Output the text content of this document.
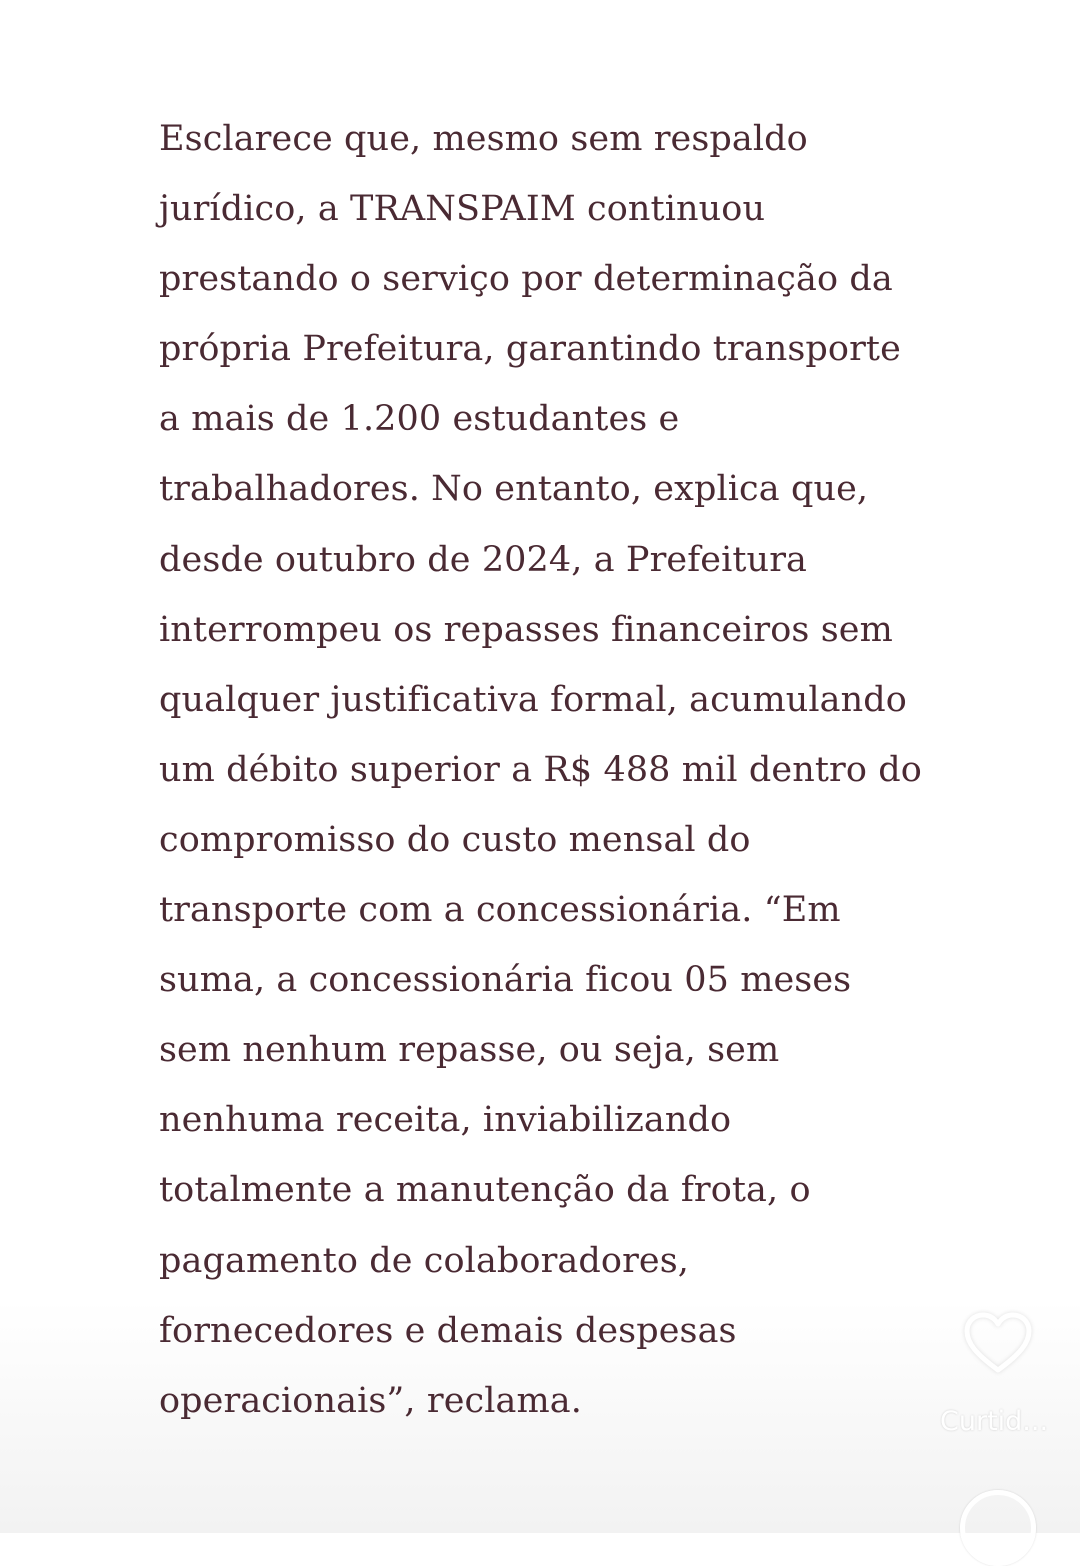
Esclarece que, mesmo sem respaldo
jurídico, a TRANSPAIM continuou
prestando o serviço por determinação da
própria Prefeitura, garantindo transporte
a mais de 1.200 estudantes e
trabalhadores. No entanto, explica que,
desde outubro de 2024, a Prefeitura
interrompeu os repasses financeiros sem
qualquer justificativa formal, acumulando
um débito superior a R$ 488 mil dentro do
compromisso do custo mensal do
transporte com a concessionária. “Em
suma, a concessionária ficou 05 meses
sem nenhum repasse, ou seja, sem
nenhuma receita, inviabilizando
totalmente a manutenção da frota, o
pagamento de colaboradores,
fornecedores e demais despesas
operacionais”, reclama.

Curtid...
